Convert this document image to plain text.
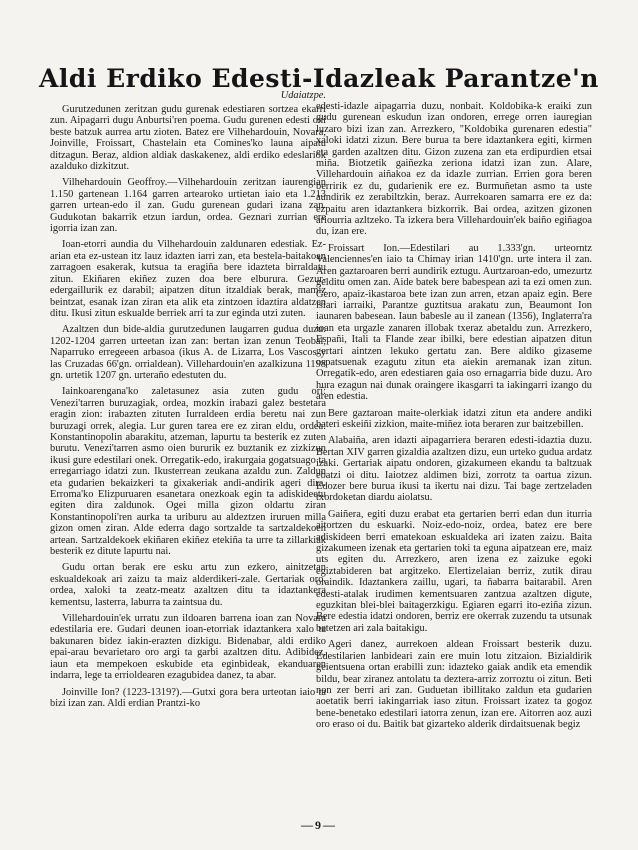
Aldi Erdiko Edesti-Idazleak Parantze'n

Gurutzedunen zeritzan gudu gurenak edestiaren sortzea ekarri zun. Aipagarri dugu Anburtsi'ren poema. Gudu gurenen edesti oni beste batzuk aurrea artu zioten. Batez ere Vilhehardouin, Novara, Joinville, Froissart, Chastelain eta Comines'ko launa aipatu ditzagun. Beraz, aldion aldiak daskakenez, aldi erdiko edeslariok azalduko dizkitzut.

Vilhehardouin Geoffroy.—Vilhehardouin zeritzan iaurengian 1.150 gartenean 1.164 garren artearoko urtietan iaio eta 1.213 garren urtean-edo il zan. Gudu gurenean gudari izana zan. Gudukotan bakarrik etzun iardun, ordea. Geznari zurrian ere igorria izan zan.

Ioan-etorri aundia du Vilhehardouin zaldunaren edestiak. Ez-arian eta ez-ustean itz lauz idazten iarri zan, eta bestela-baitakoan zarragoen esakerak, kutsua ta eragiña bere idazteta birraldatu zitun. Ekiñaren ekiñez zuzen doa bere elburura. Gezur-edergaillurik ez darabil; aipatzen ditun itzaldiak berak, mamiz beintzat, esanak izan ziran eta alik eta zintzoen idaztira aldatzen ditu. Ikusi zitun eskualde berriek arri ta zur eginda utzi zuten.

Azaltzen dun bide-aldia gurutzedunen laugarren gudua duzu: 1202-1204 garren urteetan izan zan: bertan izan zenun Teobal, Naparruko erregeeen arbasoa (ikus A. de Lizarra, Los Vascos y las Cruzadas 66'gn. orrialdean). Villehardouin'en azalkizuna 1198 gn. urtetik 1207 gn. urteraño edestuten du.

Iainkoarengana'ko zaletasunez asia zuten gudu ori: Venezi'tarren buruzagiak, ordea, mozkin irabazi galez bestetara eragin zion: irabazten zituten Iurraldeen erdia beretu nai zun buruzagi orrek, alegia. Lur guren tarea ere ez ziran eldu, ordea: Konstantinopolin abarakitu, atzeman, lapurtu ta besterik ez zuten burutu. Venezi'tarren asmo oien bururik ez buztanik ez zizkizun ikusi gure edestilari onek. Orregatik-edo, irakurgaia gogatsuago ta erregarriago idatzi zun. Ikusterrean zeukana azaldu zun. Zaldun eta gudarien bekaizkeri ta gixakeriak andi-andirik ageri dira. Erroma'ko Elizpuruaren esanetara onezkoak egin ta adiskideetu egiten dira zaldunok. Ogei milla gizon oldartu ziran Konstantinopoli'ren aurka ta uriburu au aldeztzen iruruen milla gizon omen ziran. Alde ederra dago sortzalde ta sartzaldekoen artean. Sartzaldekoek ekiñaren ekiñez etekiña ta urre ta zillarkiak besterik ez ditute lapurtu nai.

Gudu ortan berak ere esku artu zun ezkero, ainitzetan eskualdekoak ari zaizu ta maiz alderdikeri-zale. Gertariak oro, ordea, xaloki ta zeatz-meatz azaltzen ditu ta idaztankera kementsu, lasterra, laburra ta zaintsua du.

Villehardouin'ek urratu zun ildoaren barrena ioan zan Novara edestilaria ere. Gudari deunen ioan-etorriak idaztankera xalo ta bakunaren bidez iakin-erazten dizkigu. Bidenabar, aldi erdiko epai-arau bevarietaro oro argi ta garbi azaltzen ditu. Adibidez, iaun eta mempekoen eskubide eta eginbideak, ekanduaren indarra, lege ta errioldearen ezagubidea danez, ta abar.

Joinville Ion? (1223-1319?).—Gutxi gora bera urteotan iaio ta bizi izan zan. Aldi erdian Prantzi-ko

edesti-idazle aipagarria duzu, nonbait. Koldobika-k eraiki zun gudu gurenean eskudun izan ondoren, errege orren iauregian luzaro bizi izan zan. Arrezkero, "Koldobika gurenaren edestia" xaloki idatzi zizun. Bere burua ta bere idaztankera egiti, kirmen eta garden azaltzen ditu. Gizon zuzena zan eta erdipurdien etsai miña. Biotzetik gaiñezka zeriona idatzi izan zun. Alare, Villehardouin aiñakoa ez da idazle zurrian. Errien gora beren berririk ez du, gudarienik ere ez. Burmuñetan asmo ta uste aundirik ez zerabiltzkin, beraz. Aurrekoaren samarra ere ez da: ezpaitu aren idaztankera bizkorrik. Bai ordea, azitzen gizonen ariourria azltzeko. Ta izkera bera Villehardouin'ek baiño egiñagoa du, izan ere.

Froissart Ion.—Edestilari au 1.333'gn. urteorntz Valenciennes'en iaio ta Chimay irian 1410'gn. urte intera il zan. Aren gaztaroaren berri aundirik eztugu. Aurtzaroan-edo, umezurtz gelditu omen zan. Aide batek bere babespean azi ta ezi omen zun. Gero, apaiz-ikastaroa bete izan zun arren, etzan apaiz egin. Bere isiari iarraiki, Parantze guztitsua arakatu zun, Beaumont Ion iaunaren babesean. Iaun babesle au il zanean (1356), Inglaterra'ra ioan eta urgazle zanaren illobak txeraz abetaldu zun. Arrezkero, Españi, Itali ta Flande zear ibilki, bere edestian aipatzen ditun gertari aintzen lekuko gertatu zan. Bere aldiko gizaseme ospatsuenak ezagutu zitun eta aiekin aremanak izan zitun. Orregatik-edo, aren edestiaren gaia oso ernagarria bide duzu. Aro hura ezagun nai dunak oraingere ikasgarri ta iakingarri izango du aren edestia.

Bere gaztaroan maite-olerkiak idatzi zitun eta andere andiki bateri eskeiñi zizkion, maite-miñez iota beraren zur baitzebillen.

Alabaiña, aren idazti aipagarriera beraren edesti-idaztia duzu. Bertan XIV garren gizaldia azaltzen dizu, eun urteko gudua ardatz izaki. Gertariak aipatu ondoren, gizakumeen ekandu ta baltzuak ebatzi oi ditu. Iaiotzez aldimen bizi, zorrotz ta oartua zizun. Edozer bere burua ikusi ta ikertu nai dizu. Tai bage zertzeladen txordoketan diardu aiolatsu.

Gaiñera, egiti duzu erabat eta gertarien berri edan dun iturria aitortzen du eskuarki. Noiz-edo-noiz, ordea, batez ere bere adiskideen berri ematekoan eskualdeka ari izaten zaizu. Baita gizakumeen izenak eta gertarien toki ta eguna aipatzean ere, maiz uts egiten du. Arrezkero, aren izena ez zaizuke egoki egiztabideren bat argitzeko. Elertizelaian berriz, zutik dirau oraindik. Idaztankera zaillu, ugari, ta ñabarra baitarabil. Aren edesti-atalak irudimen kementsuaren zantzua azaltzen digute, eguzkitan blei-blei baitagerzkigu. Egiaren egarri ito-eziña zizun. Bere edestia idatzi ondoren, berriz ere okerrak zuzendu ta utsunak betetzen ari zala baitakigu.

Ageri danez, aurrekoen aldean Froissart besterik duzu. Edestilarien lanbideari zain ere muin lotu zitzaion. Bizialdirik geientsuena ortan erabilli zun: idazteko gaiak andik eta emendik bildu, bear ziranez antolatu ta deztera-arriz zorroztu oi zitun. Beti non zer berri ari zan. Guduetan ibillitako zaldun eta gudarien aoetatik berri iakingarriak iaso zitun. Froissart izatez ta gogoz bene-benetako edestilari iatorra zenun, izan ere. Aitorren aoz auzi oro eraso oi du. Baitik bat gizarteko alderik dirdaitsuenak begiz

Udaiatzpe.
—9—
